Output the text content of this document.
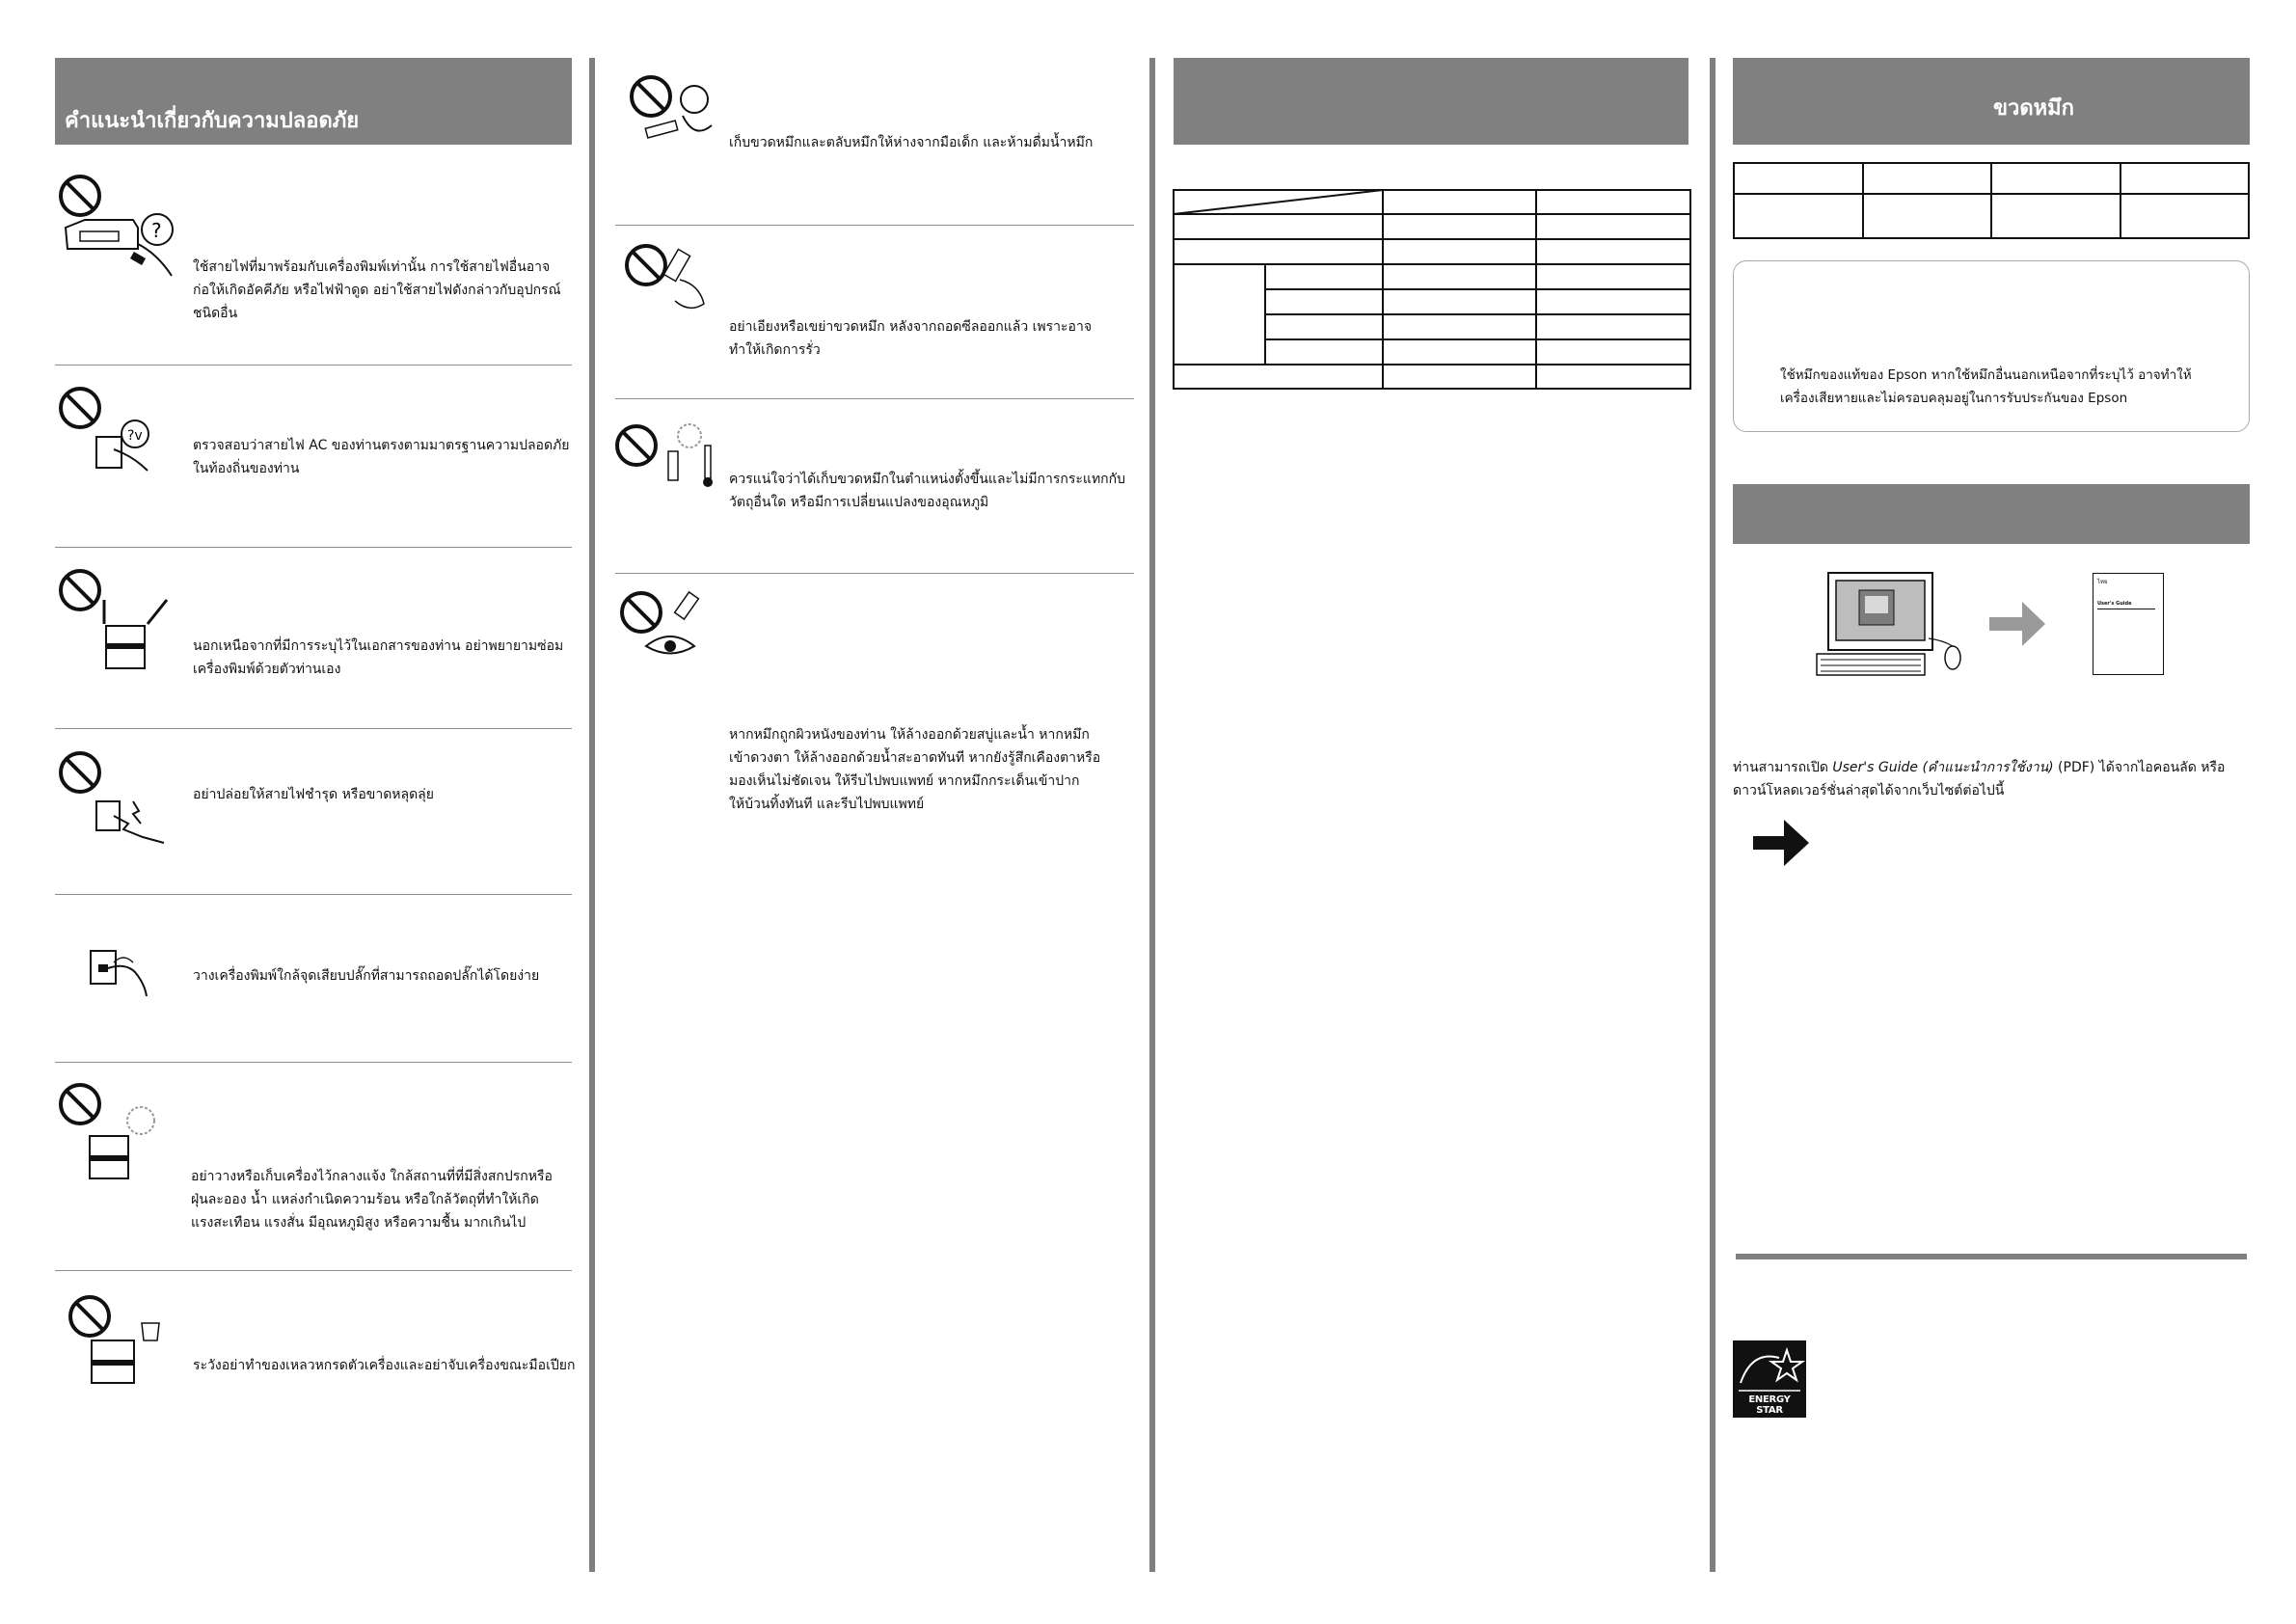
คำแนะนำเกี่ยวกับความปลอดภัย
?
ใช้สายไฟที่มาพร้อมกับเครื่องพิมพ์เท่านั้น การใช้สายไฟอื่นอาจ
ก่อให้เกิดอัคคีภัย หรือไฟฟ้าดูด อย่าใช้สายไฟดังกล่าวกับอุปกรณ์
ชนิดอื่น
?v
ตรวจสอบว่าสายไฟ AC ของท่านตรงตามมาตรฐานความปลอดภัย
ในท้องถิ่นของท่าน
นอกเหนือจากที่มีการระบุไว้ในเอกสารของท่าน อย่าพยายามซ่อม
เครื่องพิมพ์ด้วยตัวท่านเอง
อย่าปล่อยให้สายไฟชำรุด หรือขาดหลุดลุ่ย
วางเครื่องพิมพ์ใกล้จุดเสียบปลั๊กที่สามารถถอดปลั๊กได้โดยง่าย
อย่าวางหรือเก็บเครื่องไว้กลางแจ้ง ใกล้สถานที่ที่มีสิ่งสกปรกหรือ
ฝุ่นละออง น้ำ แหล่งกำเนิดความร้อน หรือใกล้วัตถุที่ทำให้เกิด
แรงสะเทือน แรงสั่น มีอุณหภูมิสูง หรือความชื้น มากเกินไป
ระวังอย่าทำของเหลวหกรดตัวเครื่องและอย่าจับเครื่องขณะมือเปียก
เก็บขวดหมึกและตลับหมึกให้ห่างจากมือเด็ก และห้ามดื่มน้ำหมึก
อย่าเอียงหรือเขย่าขวดหมึก หลังจากถอดซีลออกแล้ว เพราะอาจ
ทำให้เกิดการรั่ว
ควรแน่ใจว่าได้เก็บขวดหมึกในตำแหน่งตั้งขึ้นและไม่มีการกระแทกกับ
วัตถุอื่นใด หรือมีการเปลี่ยนแปลงของอุณหภูมิ
หากหมึกถูกผิวหนังของท่าน ให้ล้างออกด้วยสบู่และน้ำ หากหมึก
เข้าดวงตา ให้ล้างออกด้วยน้ำสะอาดทันที หากยังรู้สึกเคืองตาหรือ
มองเห็นไม่ชัดเจน ให้รีบไปพบแพทย์ หากหมึกกระเด็นเข้าปาก
ให้บ้วนทิ้งทันที และรีบไปพบแพทย์
ขวดหมึก

ใช้หมึกของแท้ของ Epson หากใช้หมึกอื่นนอกเหนือจากที่ระบุไว้ อาจทำให้
เครื่องเสียหายและไม่ครอบคลุมอยู่ในการรับประกันของ Epson
ไทย
User's Guide
ท่านสามารถเปิด User's Guide (คำแนะนำการใช้งาน) (PDF) ได้จากไอคอนลัด หรือ
ดาวน์โหลดเวอร์ชั่นล่าสุดได้จากเว็บไซต์ต่อไปนี้
ENERGY STAR
